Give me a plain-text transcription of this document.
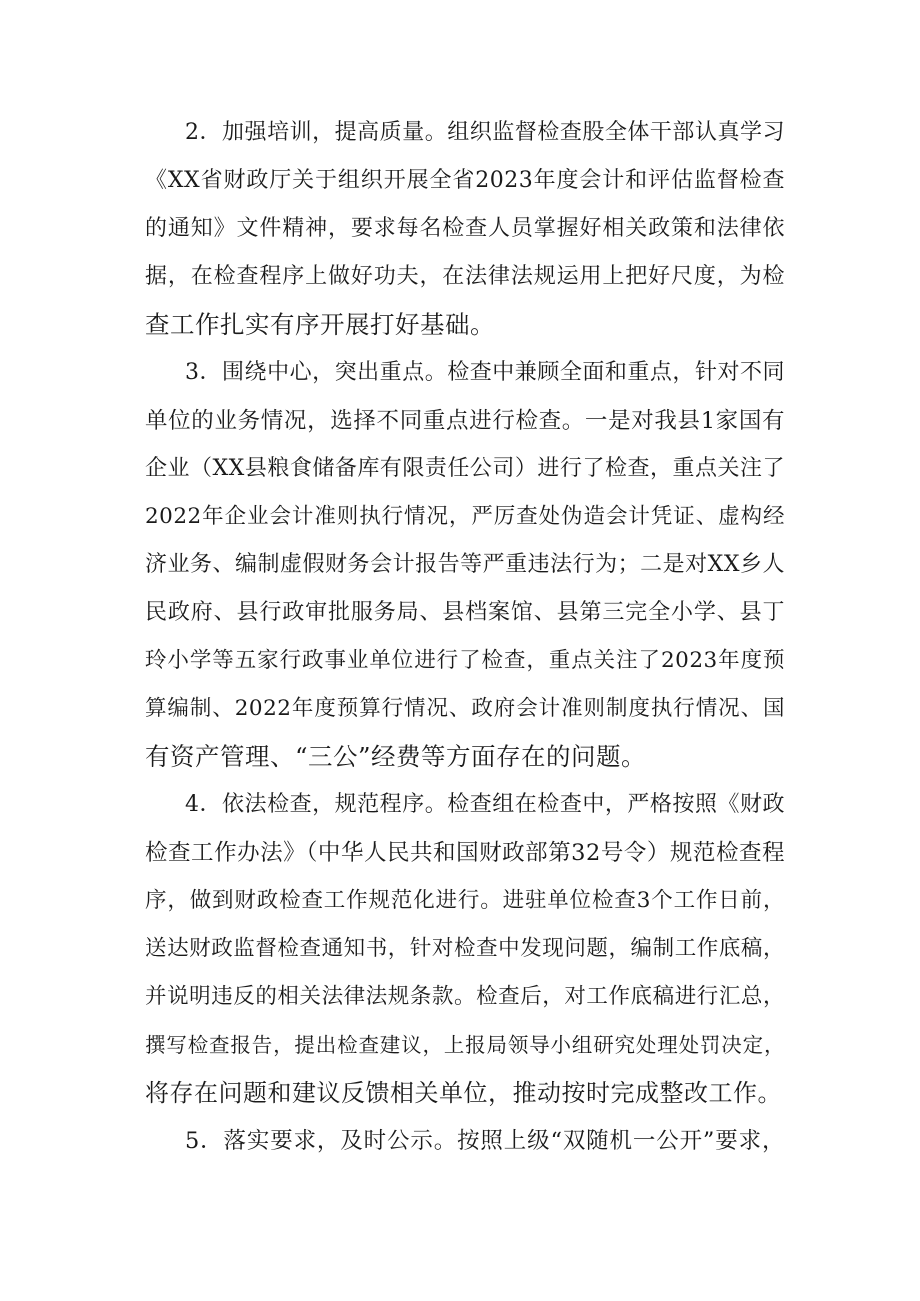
2．加强培训，提高质量。组织监督检查股全体干部认真学习
《XX省财政厅关于组织开展全省2023年度会计和评估监督检查
的通知》文件精神，要求每名检查人员掌握好相关政策和法律依
据，在检查程序上做好功夫，在法律法规运用上把好尺度，为检
查工作扎实有序开展打好基础。
3．围绕中心，突出重点。检查中兼顾全面和重点，针对不同
单位的业务情况，选择不同重点进行检查。一是对我县1家国有
企业（XX县粮食储备库有限责任公司）进行了检查，重点关注了
2022年企业会计准则执行情况，严厉查处伪造会计凭证、虚构经
济业务、编制虚假财务会计报告等严重违法行为；二是对XX乡人
民政府、县行政审批服务局、县档案馆、县第三完全小学、县丁
玲小学等五家行政事业单位进行了检查，重点关注了2023年度预
算编制、2022年度预算行情况、政府会计准则制度执行情况、国
有资产管理、“三公”经费等方面存在的问题。
4．依法检查，规范程序。检查组在检查中，严格按照《财政
检查工作办法》（中华人民共和国财政部第32号令）规范检查程
序，做到财政检查工作规范化进行。进驻单位检查3个工作日前，
送达财政监督检查通知书，针对检查中发现问题，编制工作底稿，
并说明违反的相关法律法规条款。检查后，对工作底稿进行汇总，
撰写检查报告，提出检查建议，上报局领导小组研究处理处罚决定，
将存在问题和建议反馈相关单位，推动按时完成整改工作。
5．落实要求，及时公示。按照上级“双随机一公开”要求，
